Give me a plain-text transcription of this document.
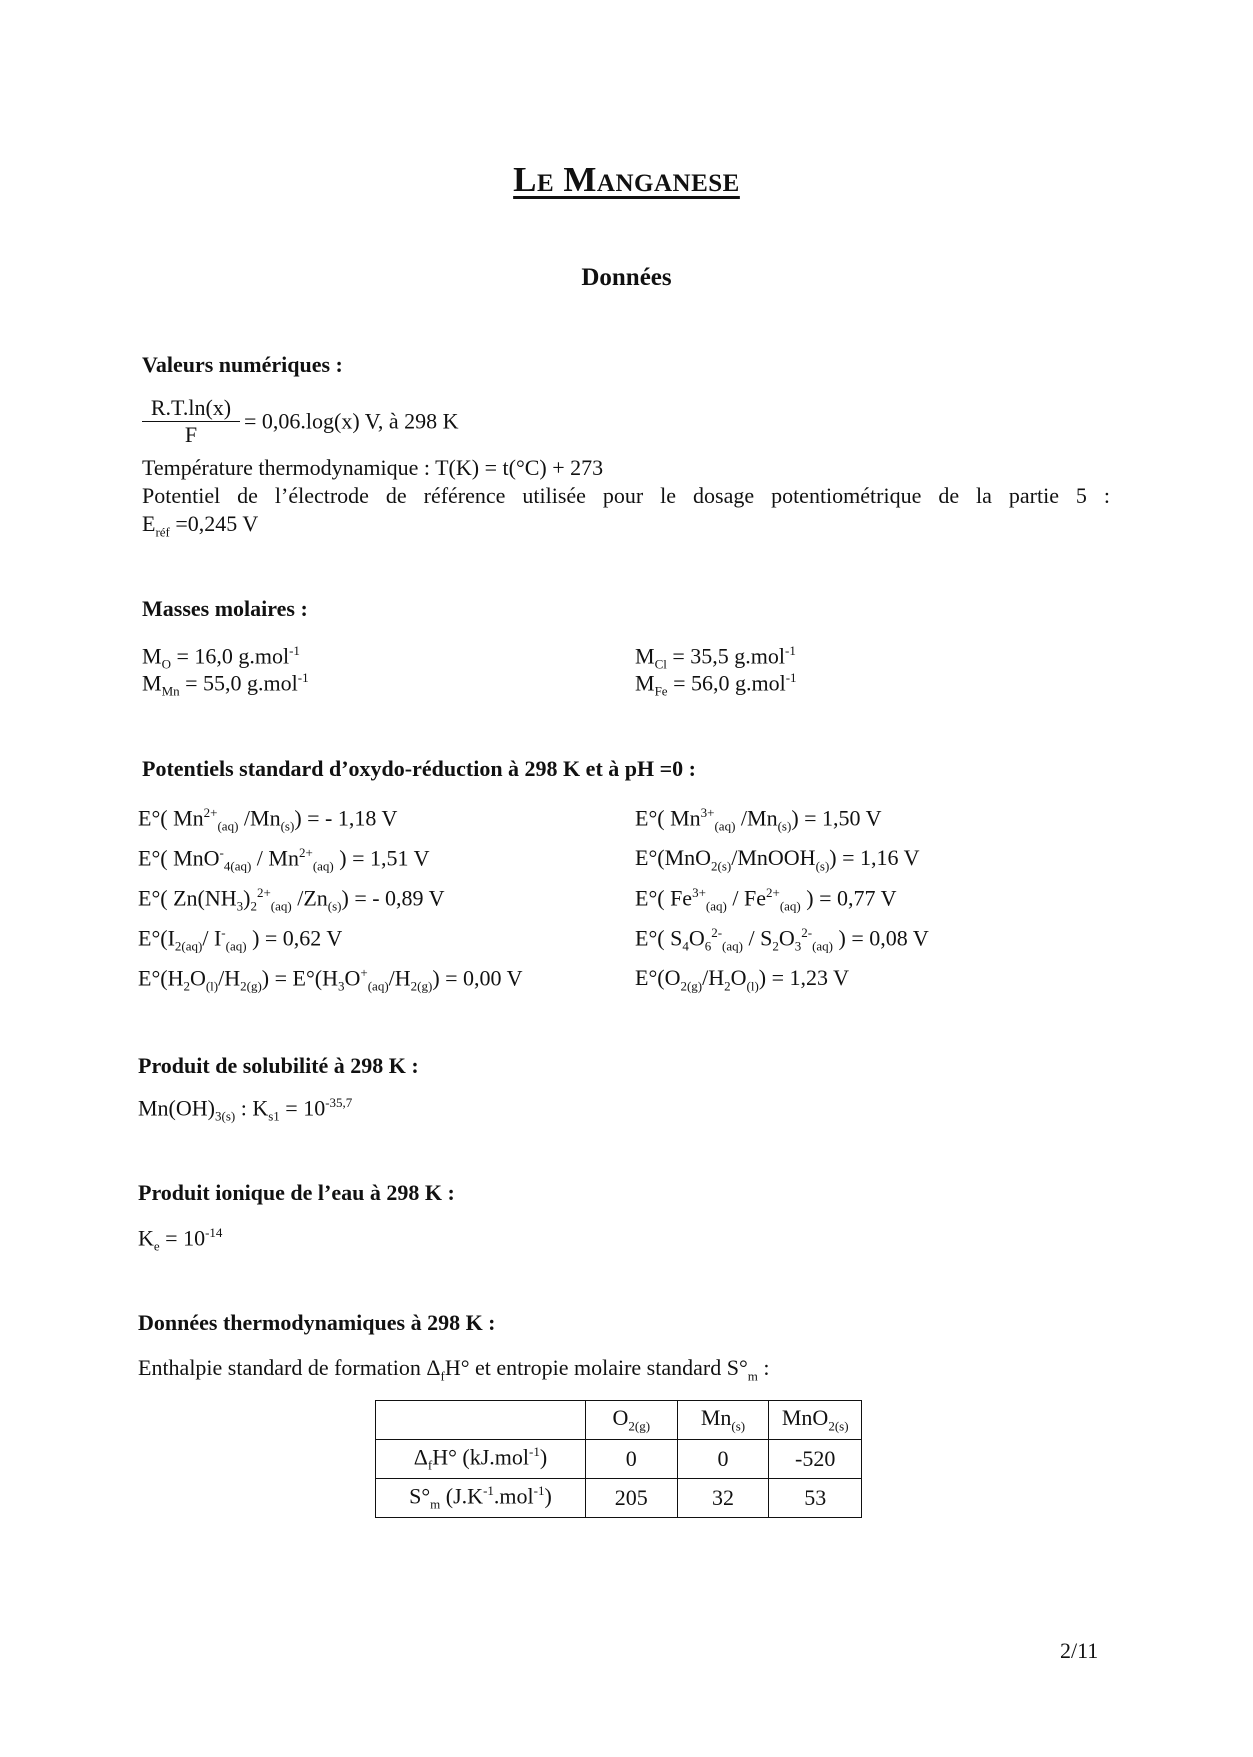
Le Manganese
Données
Valeurs numériques :
$\frac{R.T.\ln(x)}{F} = 0,06.\log(x)$ V, à 298 K
Température thermodynamique : T(K) = t(°C) + 273
Potentiel de l’électrode de référence utilisée pour le dosage potentiométrique de la partie 5 :
$E_{réf} =0,245$ V
Masses molaires :
$M_O = 16,0$ g.mol$^{-1}$	$M_{Cl} = 35,5$ g.mol$^{-1}$
$M_{Mn} = 55,0$ g.mol$^{-1}$	$M_{Fe} = 56,0$ g.mol$^{-1}$
Potentiels standard d’oxydo-réduction à 298 K et à pH =0 :
E°( $Mn^{2+}_{(aq)}$ $/Mn_{(s)}$) = - 1,18 V	E°( $Mn^{3+}_{(aq)}$ $/Mn_{(s)}) = 1,50$ V
E°( $MnO^-_{4(aq)} / Mn^{2+}_{(aq)}$ ) = 1,51 V	E°(MnO$_{2(s)}$/MnOOH$_{(s)}$) = 1,16 V
E°( $Zn(NH_3)_2^{2+}_{(aq)}$ $/Zn_{(s)}$) = - 0,89 V	E°( $Fe^{3+}_{(aq)} / Fe^{2+}_{(aq)}$ ) = 0,77 V
$E^\circ(I_{2(aq)}/$ $I^-_{(aq)}$ ) = 0,62 V	E°( $S_4O_6^{2-}_{(aq)} / S_2O_3^{2-}_{(aq)}$ ) = 0,08 V
$E^\circ(H_2O_{(l)}/H_{2(g)}) = E^\circ(H_3O^+_{(aq)}/H_{2(g)}) = 0,00$ V	$E^\circ(O_{2(g)}/H_2O_{(l)}) = 1,23$ V
Produit de solubilité à 298 K :
$Mn(OH)_{3(s)}$ : $K_{s1} = 10^{-35,7}$
Produit ionique de l’eau à 298 K :
$K_e = 10^{-14}$
Données thermodynamiques à 298 K :
Enthalpie standard de formation $\Delta_fH^\circ$ et entropie molaire standard $S^\circ_m$ :
	$O_{2(g)}$	$Mn_{(s)}$	MnO$_{2(s)}$
$\Delta_fH^\circ$ (kJ.mol$^{-1}$)	0	0	-520
$S^\circ_m$ $(J.K^{-1}.mol^{-1})$	205	32	53
2/11
